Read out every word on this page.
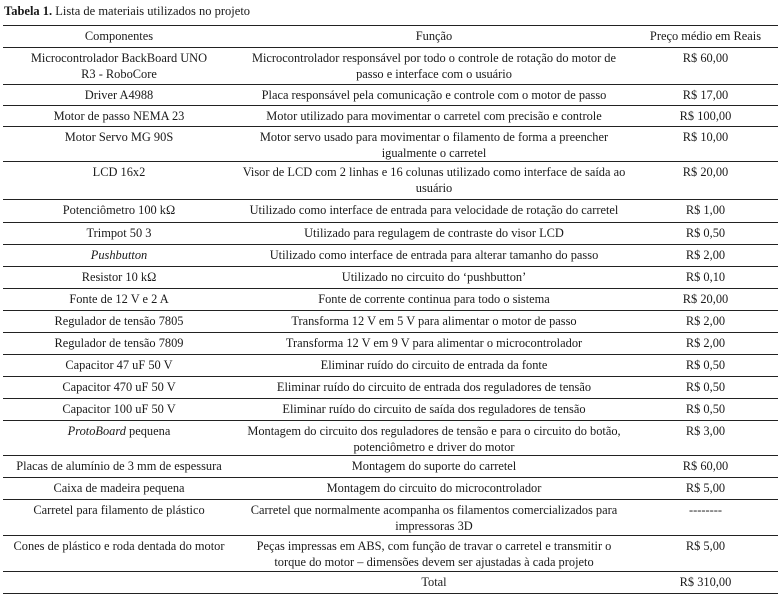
Tabela 1. Lista de materiais utilizados no projeto
Componentes	Função	Preço médio em Reais
Microcontrolador BackBoard UNO R3 - RoboCore	Microcontrolador responsável por todo o controle de rotação do motor de passo e interface com o usuário	R$ 60,00
Driver A4988	Placa responsável pela comunicação e controle com o motor de passo	R$ 17,00
Motor de passo NEMA 23	Motor utilizado para movimentar o carretel com precisão e controle	R$ 100,00
Motor Servo MG 90S	Motor servo usado para movimentar o filamento de forma a preencher igualmente o carretel	R$ 10,00
LCD 16x2	Visor de LCD com 2 linhas e 16 colunas utilizado como interface de saída ao usuário	R$ 20,00
Potenciômetro 100 kΩ	Utilizado como interface de entrada para velocidade de rotação do carretel	R$ 1,00
Trimpot 50 3	Utilizado para regulagem de contraste do visor LCD	R$ 0,50
Pushbutton	Utilizado como interface de entrada para alterar tamanho do passo	R$ 2,00
Resistor 10 kΩ	Utilizado no circuito do ‘pushbutton’	R$ 0,10
Fonte de 12 V e 2 A	Fonte de corrente continua para todo o sistema	R$ 20,00
Regulador de tensão 7805	Transforma 12 V em 5 V para alimentar o motor de passo	R$ 2,00
Regulador de tensão 7809	Transforma 12 V em 9 V para alimentar o microcontrolador	R$ 2,00
Capacitor 47 uF 50 V	Eliminar ruído do circuito de entrada da fonte	R$ 0,50
Capacitor 470 uF 50 V	Eliminar ruído do circuito de entrada dos reguladores de tensão	R$ 0,50
Capacitor 100 uF 50 V	Eliminar ruído do circuito de saída dos reguladores de tensão	R$ 0,50
ProtoBoard pequena	Montagem do circuito dos reguladores de tensão e para o circuito do botão, potenciômetro e driver do motor	R$ 3,00
Placas de alumínio de 3 mm de espessura	Montagem do suporte do carretel	R$ 60,00
Caixa de madeira pequena	Montagem do circuito do microcontrolador	R$ 5,00
Carretel para filamento de plástico	Carretel que normalmente acompanha os filamentos comercializados para impressoras 3D	--------
Cones de plástico e roda dentada do motor	Peças impressas em ABS, com função de travar o carretel e transmitir o torque do motor – dimensões devem ser ajustadas à cada projeto	R$ 5,00
	Total	R$ 310,00
